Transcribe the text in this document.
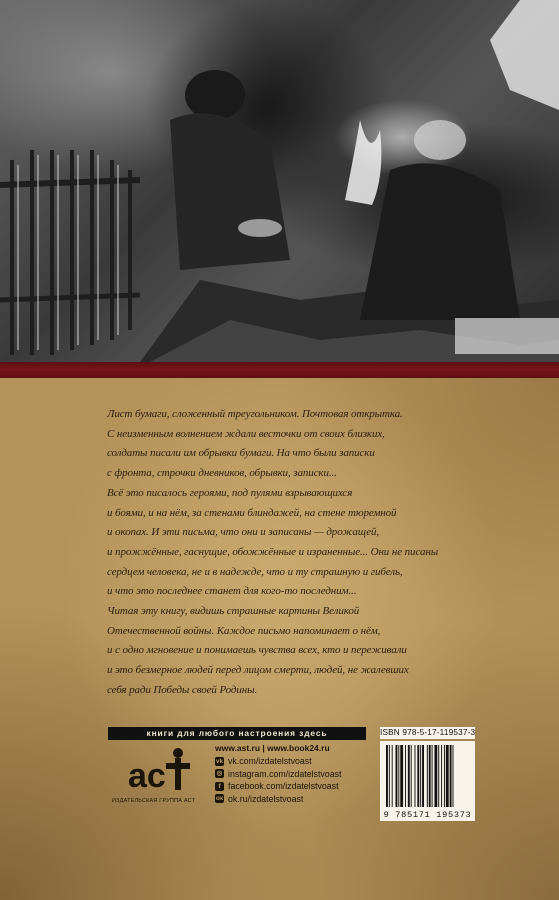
Лист бумаги, сложенный треугольником. Почтовая открытка.
С неизменным волнением ждали весточки от своих близких,
солдаты писали им обрывки бумаги. На что были записки
с фронта, строчки дневников, обрывки, записки...
Всё это писалось героями, под пулями взрывающихся
и боями, и на нём, за стенами блиндажей, на стене тюремной
и окопах. И эти письма, что они и записаны — дрожащей,
и прожжённые, гаснущие, обожжённые и израненные... Они не писаны
сердцем человека, не и в надежде, что и ту страшную и гибель,
и что это последнее станет для кого-то последним...
Читая эту книгу, видишь страшные картины Великой
Отечественной войны. Каждое письмо напоминает о нём,
и с одно мгновение и понимаешь чувства всех, кто и переживали
и это безмерное людей перед лицом смерти, людей, не жалевших
себя ради Победы своей Родины.
книги для любого настроения здесь
ac
ИЗДАТЕЛЬСКАЯ ГРУППА АСТ
www.ast.ru | www.book24.ru
vk vk.com/izdatelstvoast
◎ instagram.com/izdatelstvoast
f facebook.com/izdatelstvoast
ок ok.ru/izdatelstvoast
ISBN 978-5-17-119537-3
9 785171 195373
